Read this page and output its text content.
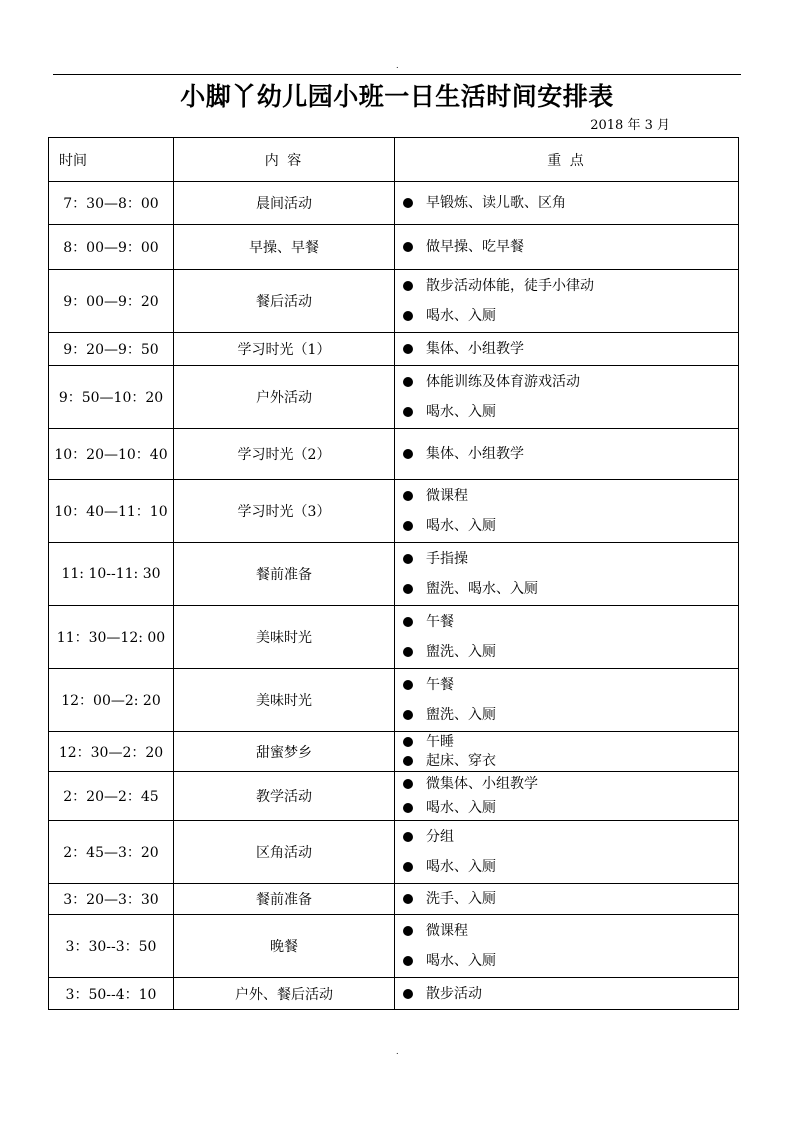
.
小脚丫幼儿园小班一日生活时间安排表
2018 年 3 月
时间	内 容	重 点
7：30—8：00	晨间活动	早锻炼、读儿歌、区角

8：00—9：00	早操、早餐	做早操、吃早餐

9：00—9：20	餐后活动	散步活动体能，徒手小律动
喝水、入厕

9：20—9：50	学习时光（1）	集体、小组教学

9：50—10：20	户外活动	体能训练及体育游戏活动
喝水、入厕

10：20—10：40	学习时光（2）	集体、小组教学

10：40—11：10	学习时光（3）	微课程
喝水、入厕

11: 10--11: 30	餐前准备	手指操
盥洗、喝水、入厕

11：30—12: 00	美味时光	午餐
盥洗、入厕

12：00—2: 20	美味时光	午餐
盥洗、入厕

12：30—2：20	甜蜜梦乡	午睡
起床、穿衣

2：20—2：45	教学活动	微集体、小组教学
喝水、入厕

2：45—3：20	区角活动	分组
喝水、入厕

3：20—3：30	餐前准备	洗手、入厕

3：30--3：50	晚餐	微课程
喝水、入厕

3：50--4：10	户外、餐后活动	散步活动
.
